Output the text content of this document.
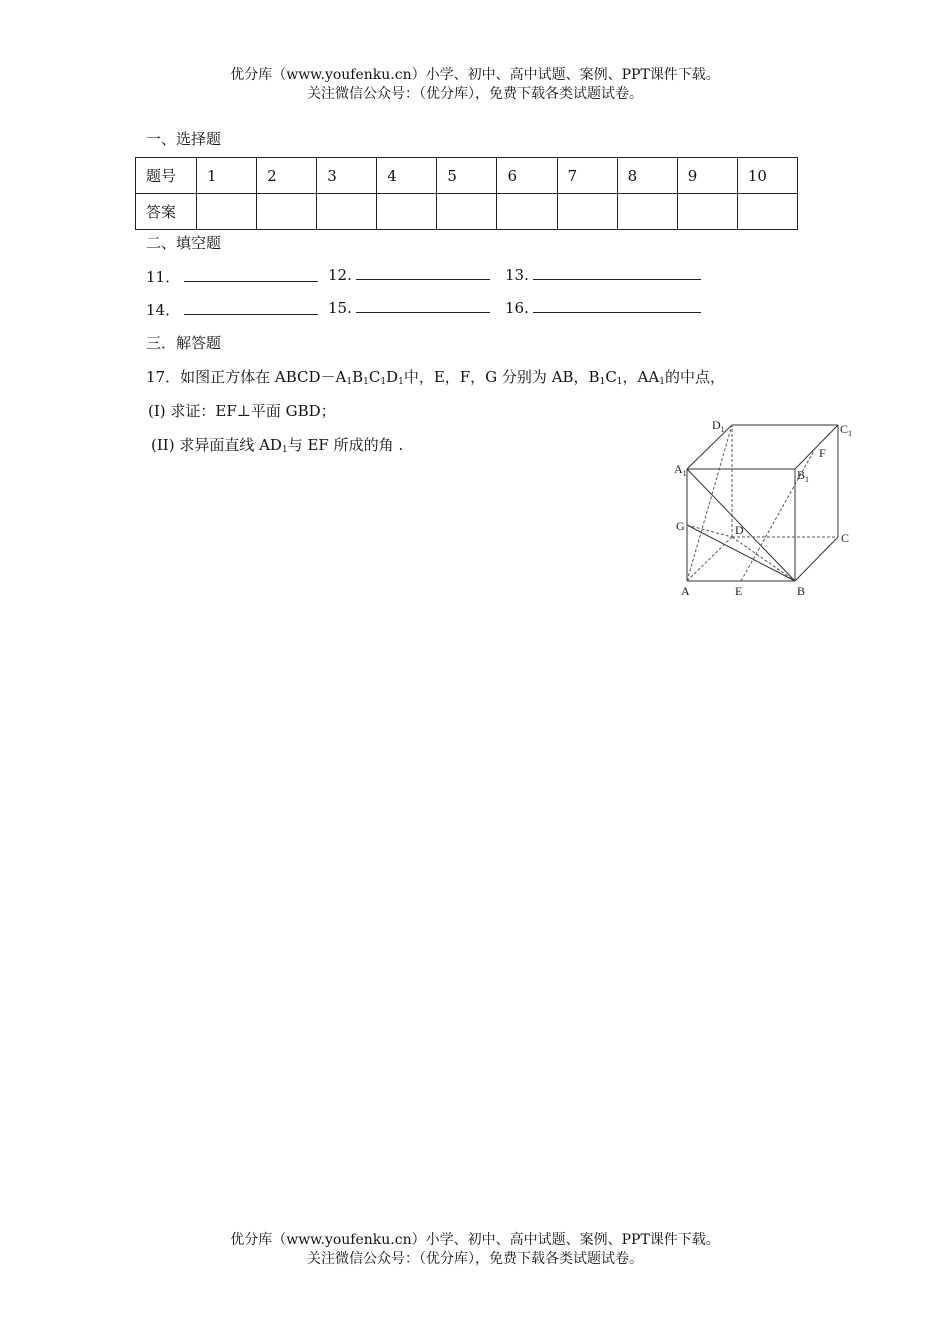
优分库（www.youfenku.cn）小学、初中、高中试题、案例、PPT课件下载。
关注微信公众号：（优分库），免费下载各类试题试卷。
一、选择题
题号	1	2	3	4	5	6	7	8	9	10
答案										
二、填空题
11．	12.	13.
14．	15.	16.
三．解答题
17．如图正方体在 $ABCD-A_1B_1C_1D_1$中，E，F，G 分别为 AB，$B_1C_1$，$AA_1$的中点，
(I) 求证：EF⊥平面 GBD；
(II) 求异面直线 $AD_1$与 EF 所成的角 .
$D_1$	$C_1$
F
$A_1$	$B_1$
G	D
C
A	E	B
优分库（www.youfenku.cn）小学、初中、高中试题、案例、PPT课件下载。
关注微信公众号：（优分库），免费下载各类试题试卷。
